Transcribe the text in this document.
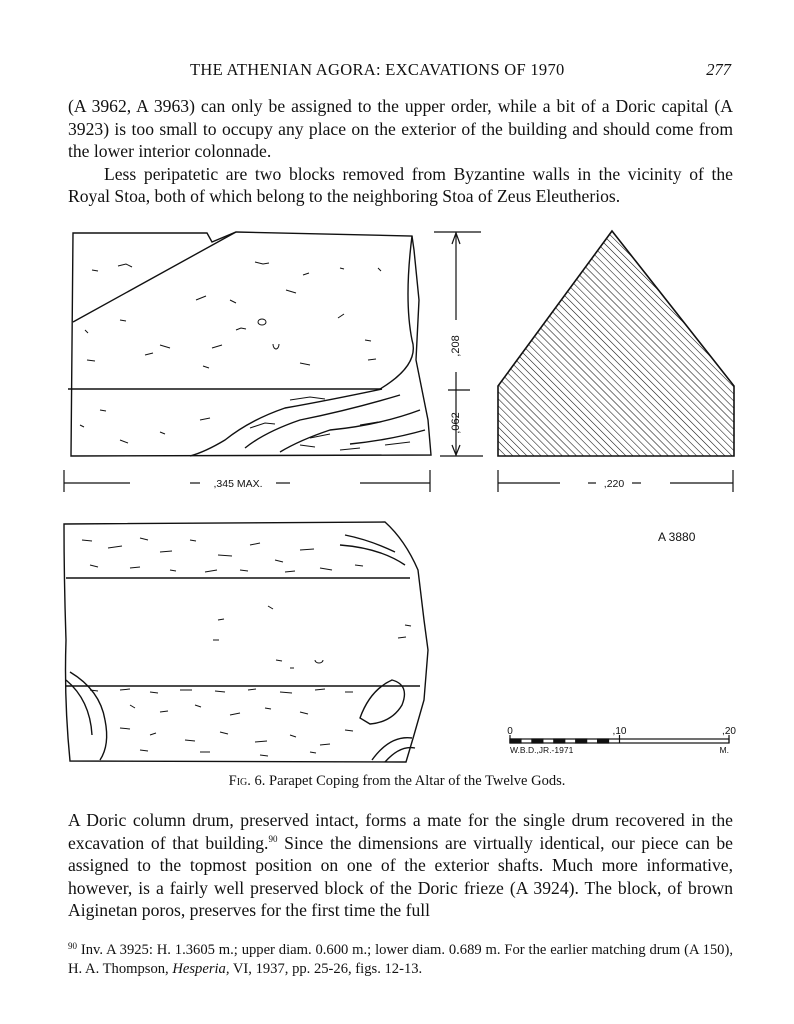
THE ATHENIAN AGORA: EXCAVATIONS OF 1970	277

(A 3962, A 3963) can only be assigned to the upper order, while a bit of a Doric capital (A 3923) is too small to occupy any place on the exterior of the building and should come from the lower interior colonnade.

Less peripatetic are two blocks removed from Byzantine walls in the vicinity of the Royal Stoa, both of which belong to the neighboring Stoa of Zeus Eleutherios.

,208
,062
,345 MAX.	,220
A 3880
0	,10	,20
W.B.D.,JR.-1971	M.
Fig. 6. Parapet Coping from the Altar of the Twelve Gods.
A Doric column drum, preserved intact, forms a mate for the single drum recovered in the excavation of that building.$^{90}$ Since the dimensions are virtually identical, our piece can be assigned to the topmost position on one of the exterior shafts. Much more informative, however, is a fairly well preserved block of the Doric frieze (A 3924). The block, of brown Aiginetan poros, preserves for the first time the full
$^{90}$ Inv. A 3925: H. 1.3605 m.; upper diam. 0.600 m.; lower diam. 0.689 m. For the earlier matching drum (A 150), H. A. Thompson, Hesperia, VI, 1937, pp. 25-26, figs. 12-13.
